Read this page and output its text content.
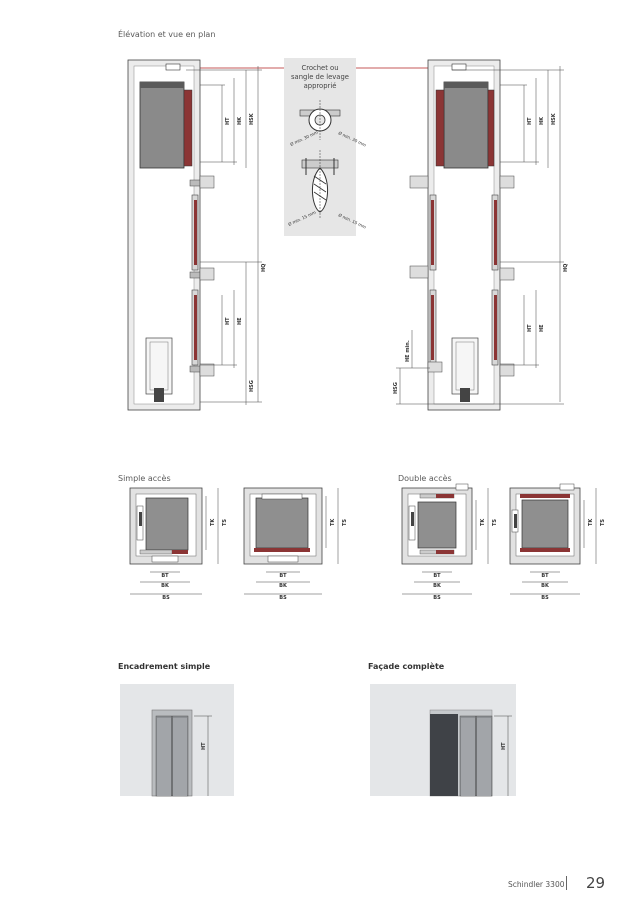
Élévation et vue en plan
Simple accès	Double accès
Encadrement simple	Façade complète
HT HK HSK
HQ
HT HE
HSG
Crochet ou
sangle de levage
approprié
Ø min. 30 mm	Ø min. 30 mm
Ø min. 15 mm	Ø min. 15 mm
HT HK HSK
HQ
HT HE
HSG
HE min.
TK TS
BT
BK
BS
TK TS
BT
BK
BS
TK TS
BT
BK
BS
TK TS
BT
BK
BS
HT	HT
Schindler 3300 29
